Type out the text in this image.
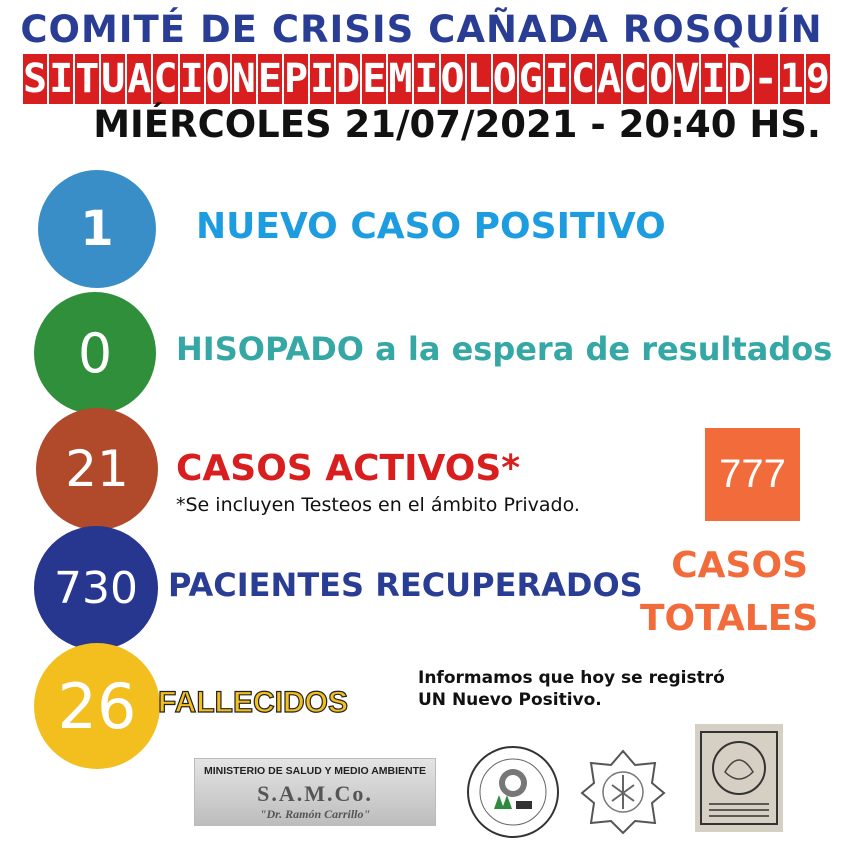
COMITÉ DE CRISIS CAÑADA ROSQUÍN
S I T U A C I O N E P I D E M I O L O G I C A C O V I D - 1 9
MIÉRCOLES 21/07/2021 - 20:40 HS.
1
0
21
730
26
NUEVO CASO POSITIVO
HISOPADO a la espera de resultados
CASOS ACTIVOS*
*Se incluyen Testeos en el ámbito Privado.
PACIENTES RECUPERADOS
FALLECIDOS
777
CASOS
TOTALES
Informamos que hoy se registró
UN Nuevo Positivo.
MINISTERIO DE SALUD Y MEDIO AMBIENTE
S.A.M.Co.
"Dr. Ramón Carrillo"
